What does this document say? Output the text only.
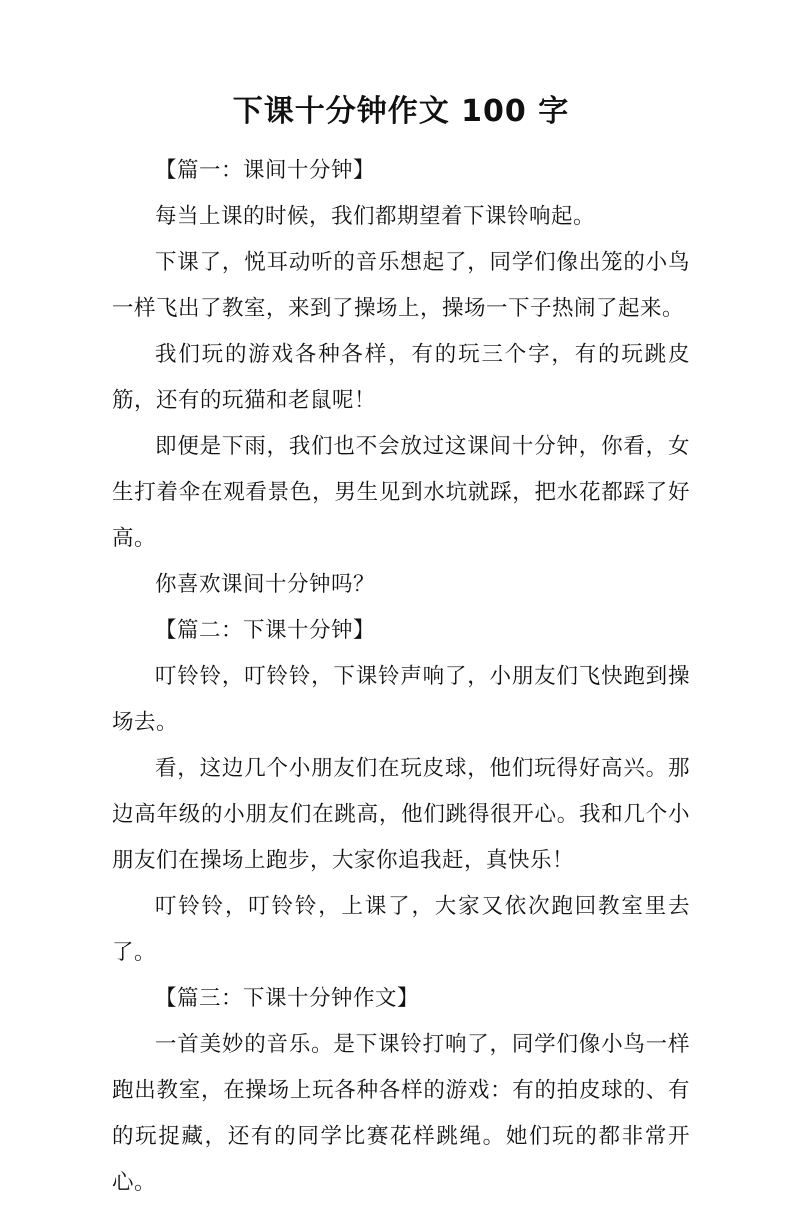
下课十分钟作文 100 字

【篇一：课间十分钟】

每当上课的时候，我们都期望着下课铃响起。

下课了，悦耳动听的音乐想起了，同学们像出笼的小鸟一样飞出了教室，来到了操场上，操场一下子热闹了起来。

我们玩的游戏各种各样，有的玩三个字，有的玩跳皮筋，还有的玩猫和老鼠呢！

即便是下雨，我们也不会放过这课间十分钟，你看，女生打着伞在观看景色，男生见到水坑就踩，把水花都踩了好高。

你喜欢课间十分钟吗？

【篇二：下课十分钟】

叮铃铃，叮铃铃，下课铃声响了，小朋友们飞快跑到操场去。

看，这边几个小朋友们在玩皮球，他们玩得好高兴。那边高年级的小朋友们在跳高，他们跳得很开心。我和几个小朋友们在操场上跑步，大家你追我赶，真快乐！

叮铃铃，叮铃铃，上课了，大家又依次跑回教室里去了。

【篇三：下课十分钟作文】

一首美妙的音乐。是下课铃打响了，同学们像小鸟一样跑出教室，在操场上玩各种各样的游戏：有的拍皮球的、有的玩捉藏，还有的同学比赛花样跳绳。她们玩的都非常开心。
